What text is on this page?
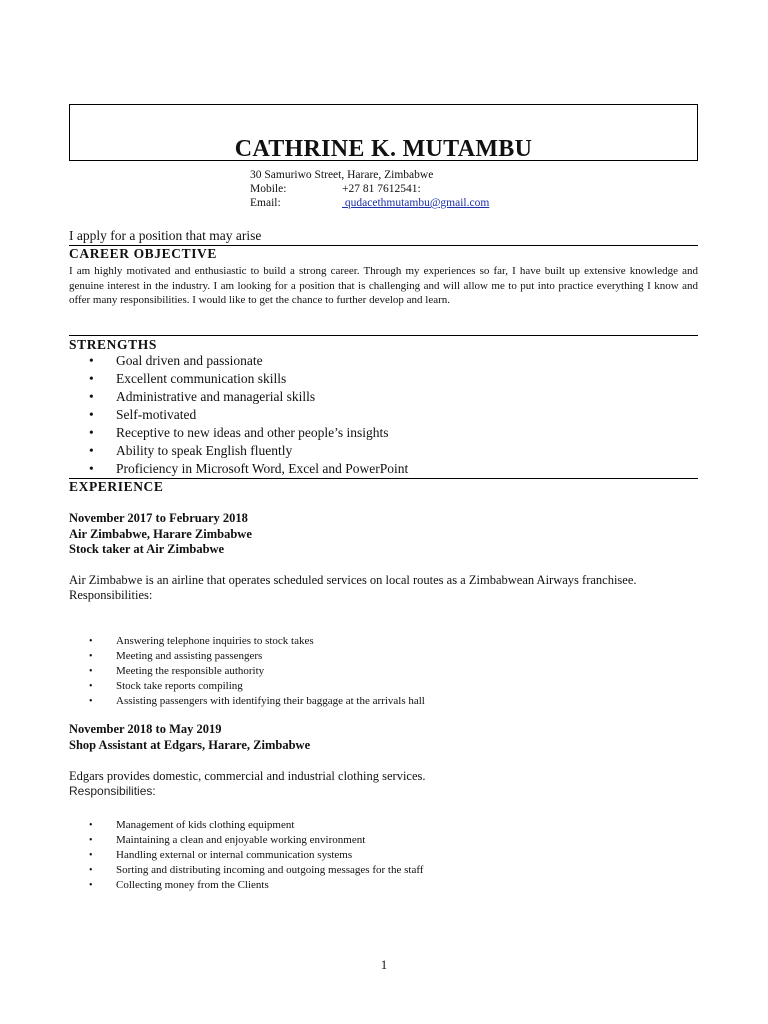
CATHRINE K. MUTAMBU
30 Samuriwo Street, Harare, Zimbabwe
Mobile:	+27 81 7612541:
Email:	qudacethmutambu@gmail.com
I apply for a position that may arise
CAREER OBJECTIVE
I am highly motivated and enthusiastic to build a strong career. Through my experiences so far, I have built up extensive knowledge and genuine interest in the industry. I am looking for a position that is challenging and will allow me to put into practice everything I know and offer many responsibilities. I would like to get the chance to further develop and learn.
STRENGTHS
• Goal driven and passionate
• Excellent communication skills
• Administrative and managerial skills
• Self-motivated
• Receptive to new ideas and other people’s insights
• Ability to speak English fluently
• Proficiency in Microsoft Word, Excel and PowerPoint
EXPERIENCE
November 2017 to February 2018
Air Zimbabwe, Harare Zimbabwe
Stock taker at Air Zimbabwe
Air Zimbabwe is an airline that operates scheduled services on local routes as a Zimbabwean Airways franchisee.
Responsibilities:
• Answering telephone inquiries to stock takes
• Meeting and assisting passengers
• Meeting the responsible authority
• Stock take reports compiling
• Assisting passengers with identifying their baggage at the arrivals hall
November 2018 to May 2019
Shop Assistant at Edgars, Harare, Zimbabwe
Edgars provides domestic, commercial and industrial clothing services.
Responsibilities:
• Management of kids clothing equipment
• Maintaining a clean and enjoyable working environment
• Handling external or internal communication systems
• Sorting and distributing incoming and outgoing messages for the staff
• Collecting money from the Clients
1
